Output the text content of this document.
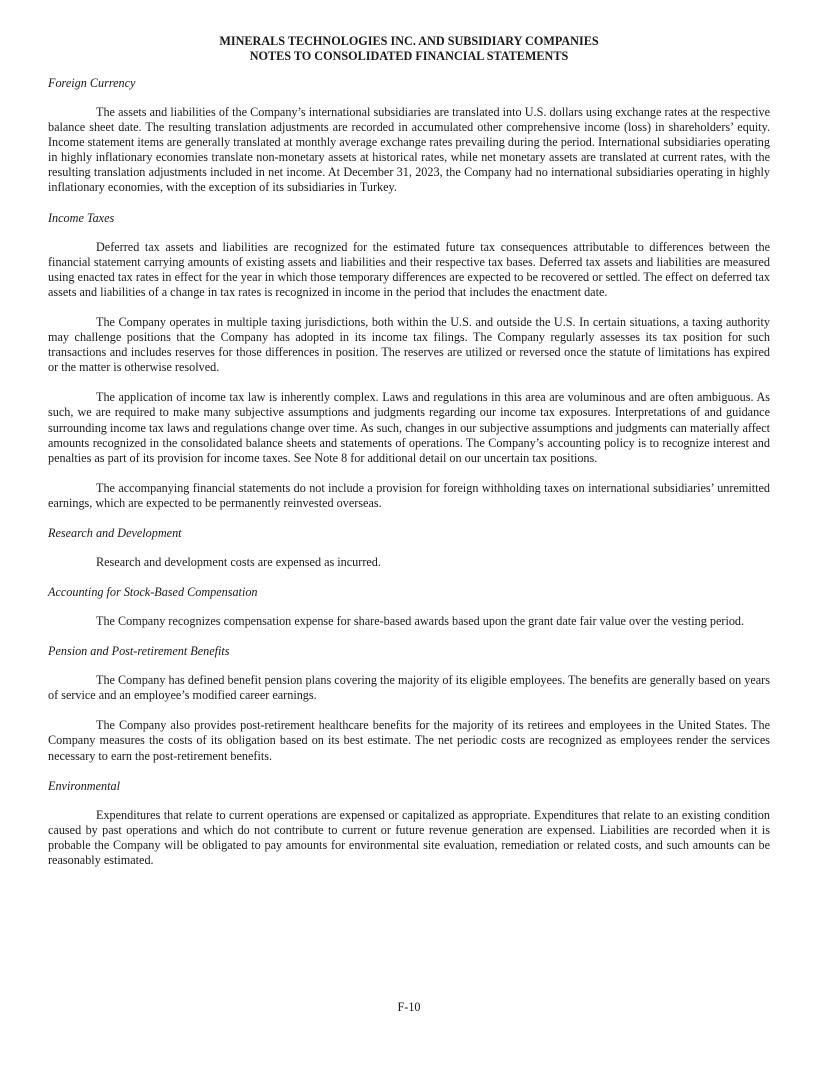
MINERALS TECHNOLOGIES INC. AND SUBSIDIARY COMPANIES
NOTES TO CONSOLIDATED FINANCIAL STATEMENTS
Foreign Currency

The assets and liabilities of the Company’s international subsidiaries are translated into U.S. dollars using exchange rates at the respective balance sheet date. The resulting translation adjustments are recorded in accumulated other comprehensive income (loss) in shareholders’ equity. Income statement items are generally translated at monthly average exchange rates prevailing during the period. International subsidiaries operating in highly inflationary economies translate non-monetary assets at historical rates, while net monetary assets are translated at current rates, with the resulting translation adjustments included in net income. At December 31, 2023, the Company had no international subsidiaries operating in highly inflationary economies, with the exception of its subsidiaries in Turkey.

Income Taxes

Deferred tax assets and liabilities are recognized for the estimated future tax consequences attributable to differences between the financial statement carrying amounts of existing assets and liabilities and their respective tax bases. Deferred tax assets and liabilities are measured using enacted tax rates in effect for the year in which those temporary differences are expected to be recovered or settled. The effect on deferred tax assets and liabilities of a change in tax rates is recognized in income in the period that includes the enactment date.

The Company operates in multiple taxing jurisdictions, both within the U.S. and outside the U.S. In certain situations, a taxing authority may challenge positions that the Company has adopted in its income tax filings. The Company regularly assesses its tax position for such transactions and includes reserves for those differences in position. The reserves are utilized or reversed once the statute of limitations has expired or the matter is otherwise resolved.

The application of income tax law is inherently complex. Laws and regulations in this area are voluminous and are often ambiguous. As such, we are required to make many subjective assumptions and judgments regarding our income tax exposures. Interpretations of and guidance surrounding income tax laws and regulations change over time. As such, changes in our subjective assumptions and judgments can materially affect amounts recognized in the consolidated balance sheets and statements of operations. The Company’s accounting policy is to recognize interest and penalties as part of its provision for income taxes. See Note 8 for additional detail on our uncertain tax positions.

The accompanying financial statements do not include a provision for foreign withholding taxes on international subsidiaries’ unremitted earnings, which are expected to be permanently reinvested overseas.

Research and Development

Research and development costs are expensed as incurred.

Accounting for Stock-Based Compensation

The Company recognizes compensation expense for share-based awards based upon the grant date fair value over the vesting period.

Pension and Post-retirement Benefits

The Company has defined benefit pension plans covering the majority of its eligible employees. The benefits are generally based on years of service and an employee’s modified career earnings.

The Company also provides post-retirement healthcare benefits for the majority of its retirees and employees in the United States. The Company measures the costs of its obligation based on its best estimate. The net periodic costs are recognized as employees render the services necessary to earn the post-retirement benefits.

Environmental

Expenditures that relate to current operations are expensed or capitalized as appropriate. Expenditures that relate to an existing condition caused by past operations and which do not contribute to current or future revenue generation are expensed. Liabilities are recorded when it is probable the Company will be obligated to pay amounts for environmental site evaluation, remediation or related costs, and such amounts can be reasonably estimated.

F-10
